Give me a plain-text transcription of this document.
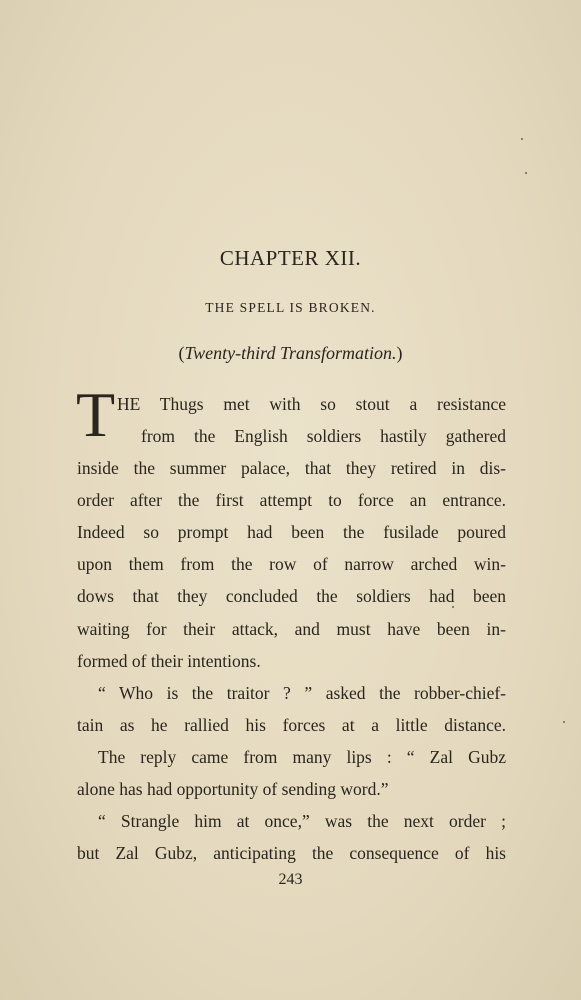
CHAPTER XII.
THE SPELL IS BROKEN.
(Twenty-third Transformation.)
T HE Thugs met with so stout a resistance
from the English soldiers hastily gathered
inside the summer palace, that they retired in dis-
order after the first attempt to force an entrance.
Indeed so prompt had been the fusilade poured
upon them from the row of narrow arched win-
dows that they concluded the soldiers had been
waiting for their attack, and must have been in-
formed of their intentions.
“ Who is the traitor ? ” asked the robber-chief-
tain as he rallied his forces at a little distance.
The reply came from many lips : “ Zal Gubz
alone has had opportunity of sending word.”
“ Strangle him at once,” was the next order ;
but Zal Gubz, anticipating the consequence of his
243
